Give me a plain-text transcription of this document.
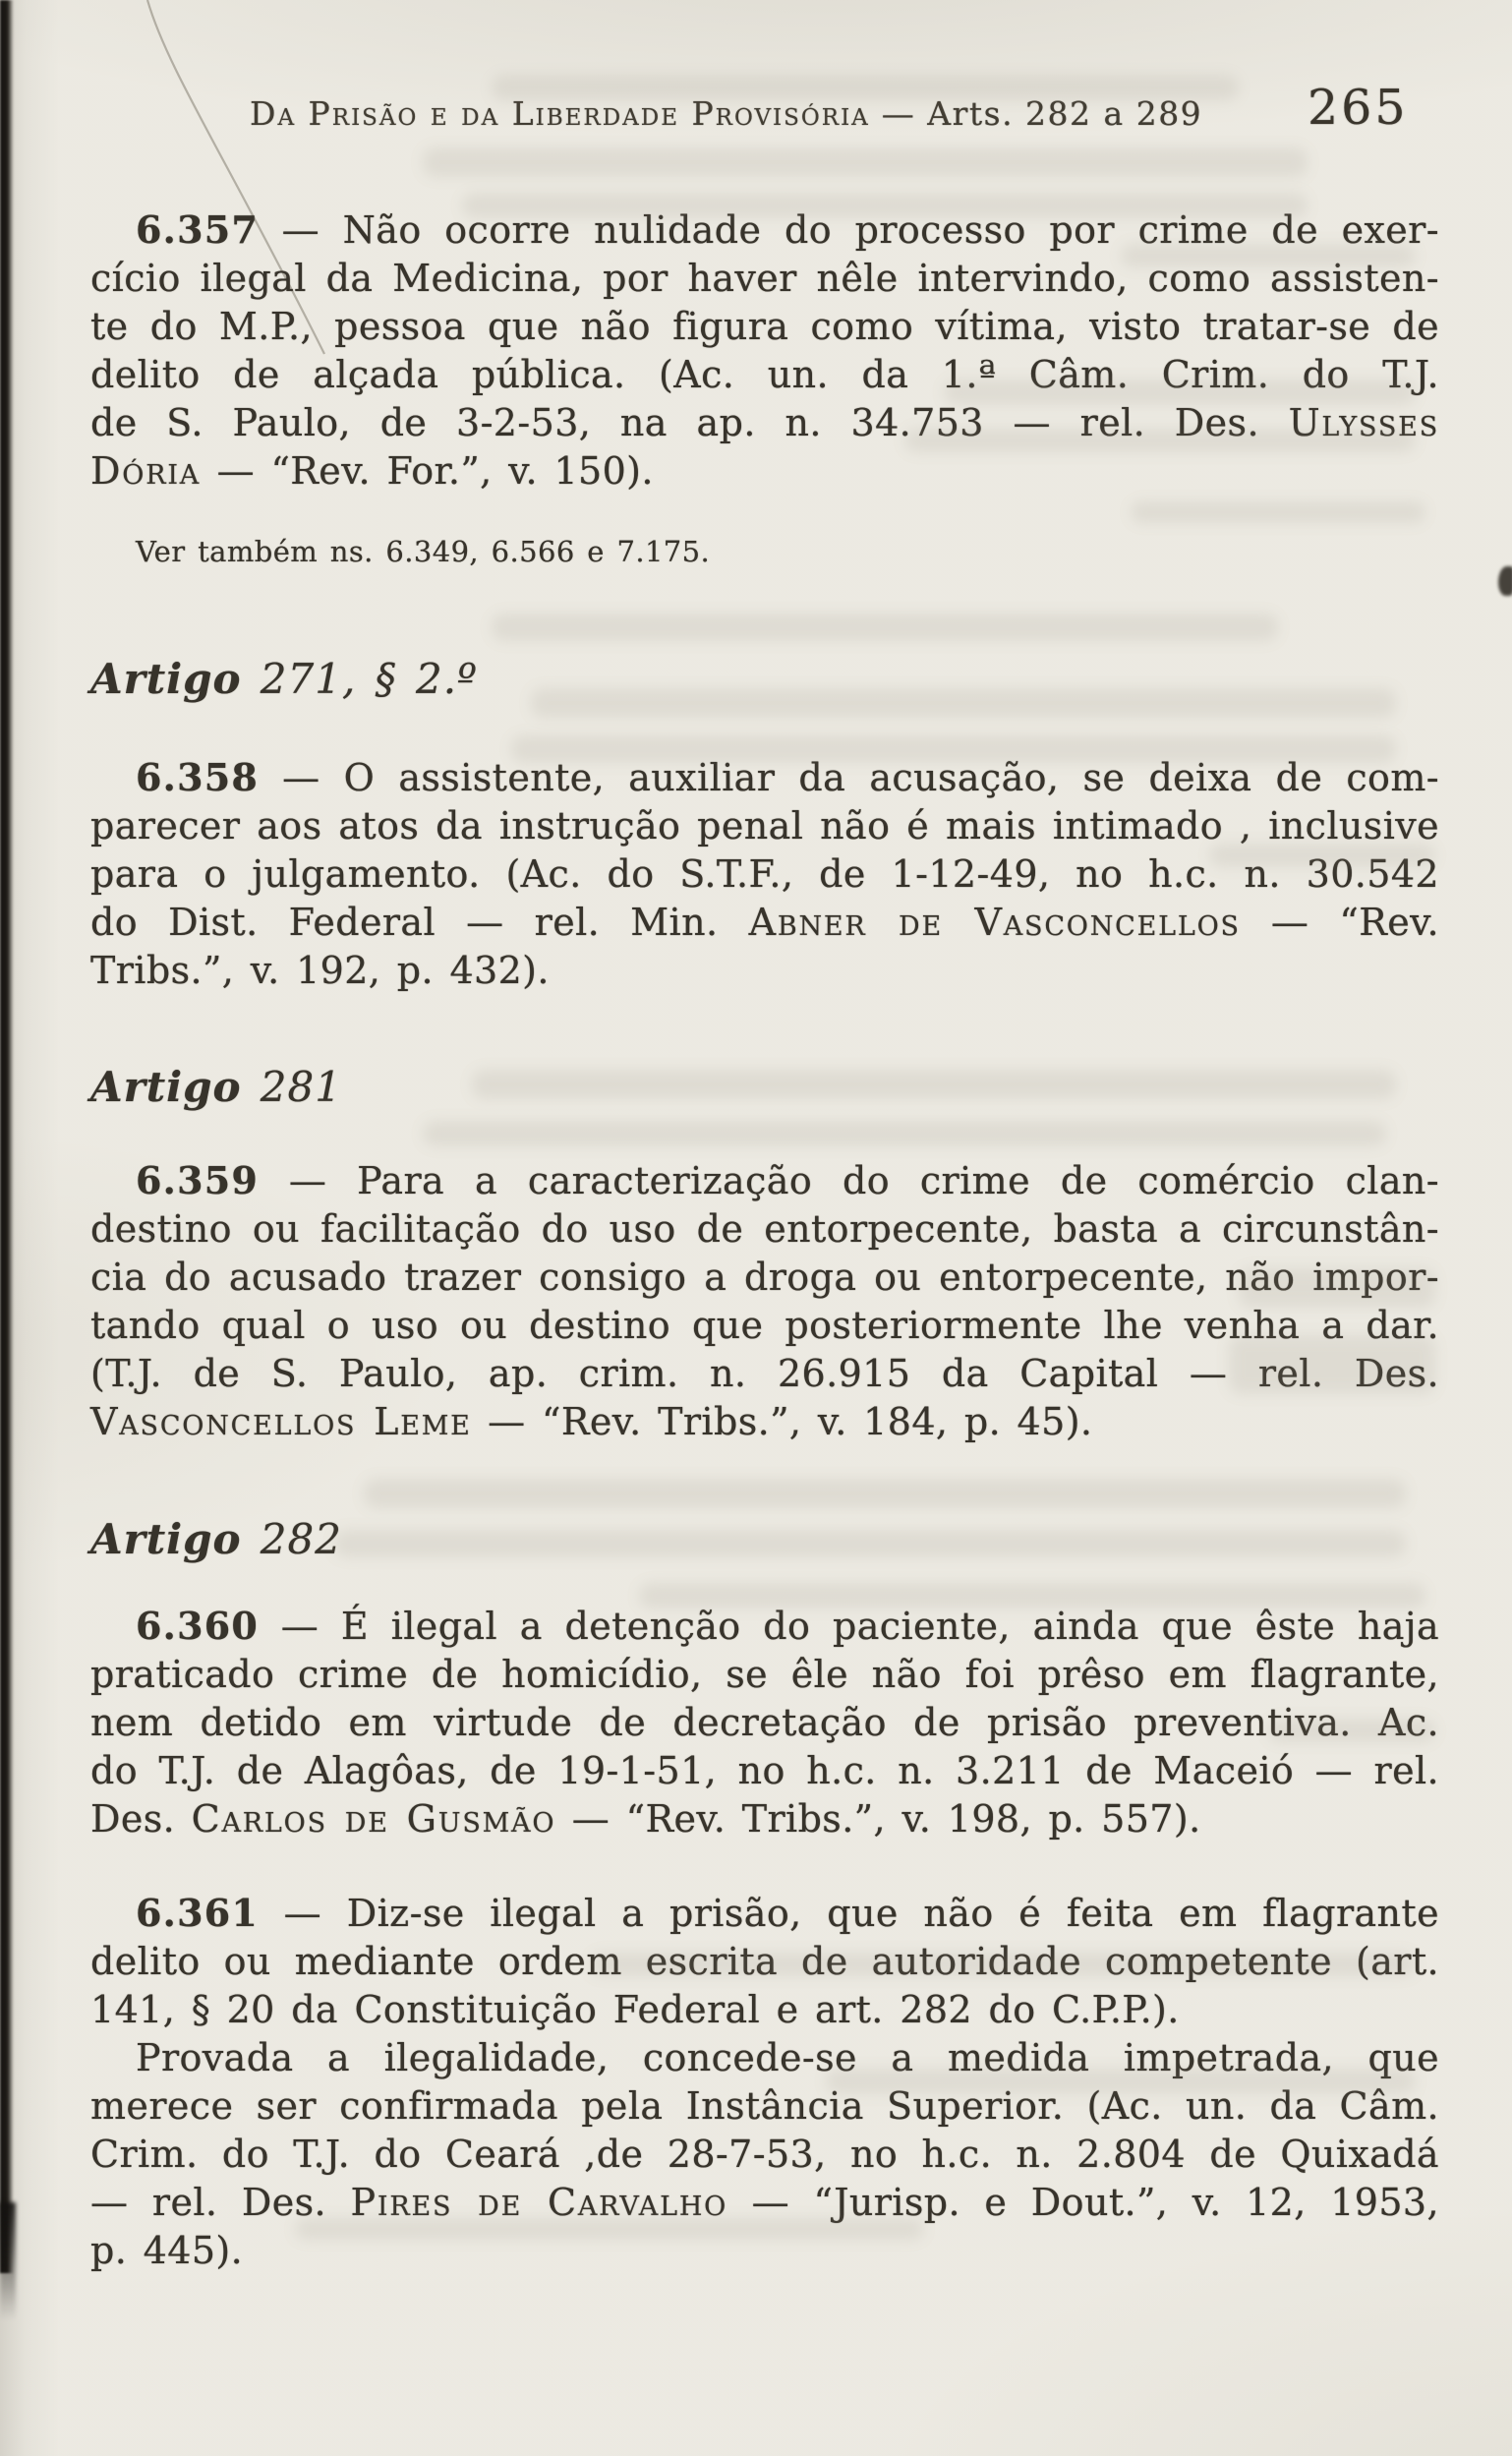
Da Prisão e da Liberdade Provisória — Arts. 282 a 289 265
6.357 — Não ocorre nulidade do processo por crime de exer-
cício ilegal da Medicina, por haver nêle intervindo, como assisten-
te do M.P., pessoa que não figura como vítima, visto tratar-se de
delito de alçada pública. (Ac. un. da 1.ª Câm. Crim. do T.J.
de S. Paulo, de 3-2-53, na ap. n. 34.753 — rel. Des. Ulysses
Dória — “Rev. For.”, v. 150).
Ver também ns. 6.349, 6.566 e 7.175.
Artigo 271, § 2.º
6.358 — O assistente, auxiliar da acusação, se deixa de com-
parecer aos atos da instrução penal não é mais intimado , inclusive
para o julgamento. (Ac. do S.T.F., de 1-12-49, no h.c. n. 30.542
do Dist. Federal — rel. Min. Abner de Vasconcellos — “Rev.
Tribs.”, v. 192, p. 432).
Artigo 281
6.359 — Para a caracterização do crime de comércio clan-
destino ou facilitação do uso de entorpecente, basta a circunstân-
cia do acusado trazer consigo a droga ou entorpecente, não impor-
tando qual o uso ou destino que posteriormente lhe venha a dar.
(T.J. de S. Paulo, ap. crim. n. 26.915 da Capital — rel. Des.
Vasconcellos Leme — “Rev. Tribs.”, v. 184, p. 45).
Artigo 282
6.360 — É ilegal a detenção do paciente, ainda que êste haja
praticado crime de homicídio, se êle não foi prêso em flagrante,
nem detido em virtude de decretação de prisão preventiva. Ac.
do T.J. de Alagôas, de 19-1-51, no h.c. n. 3.211 de Maceió — rel.
Des. Carlos de Gusmão — “Rev. Tribs.”, v. 198, p. 557).
6.361 — Diz-se ilegal a prisão, que não é feita em flagrante
delito ou mediante ordem escrita de autoridade competente (art.
141, § 20 da Constituição Federal e art. 282 do C.P.P.).
Provada a ilegalidade, concede-se a medida impetrada, que
merece ser confirmada pela Instância Superior. (Ac. un. da Câm.
Crim. do T.J. do Ceará ,de 28-7-53, no h.c. n. 2.804 de Quixadá
— rel. Des. Pires de Carvalho — “Jurisp. e Dout.”, v. 12, 1953,
p. 445).
